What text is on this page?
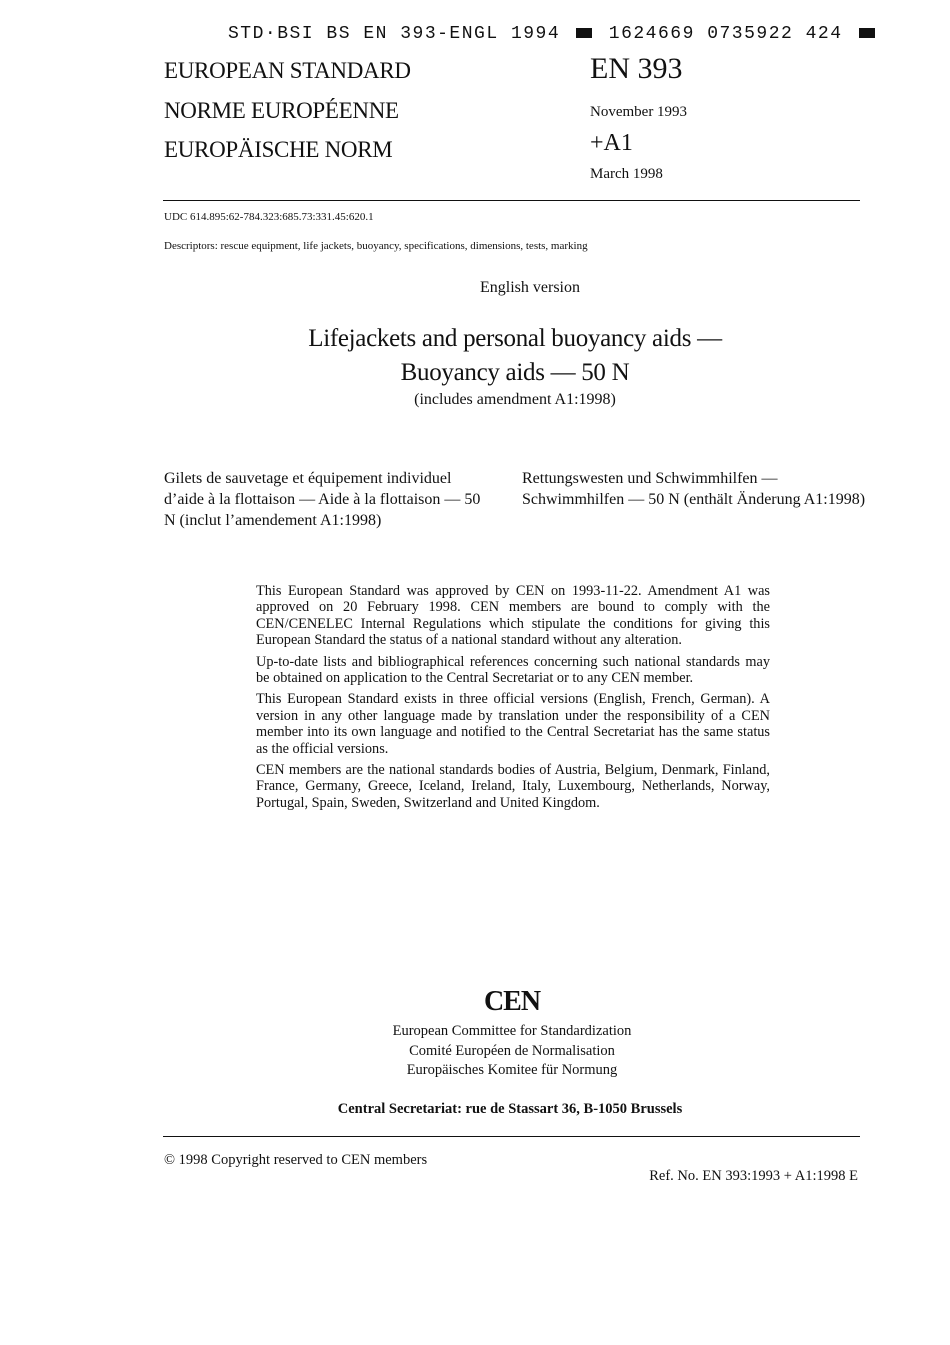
STD·BSI BS EN 393-ENGL 1994	1624669 0735922 424
EUROPEAN STANDARD
NORME EUROPÉENNE
EUROPÄISCHE NORM
EN 393
November 1993
+A1
March 1998
UDC 614.895:62-784.323:685.73:331.45:620.1
Descriptors: rescue equipment, life jackets, buoyancy, specifications, dimensions, tests, marking
English version
Lifejackets and personal buoyancy aids —
Buoyancy aids — 50 N
(includes amendment A1:1998)
Gilets de sauvetage et équipement individuel d’aide à la flottaison — Aide à la flottaison — 50 N (inclut l’amendement A1:1998)
Rettungswesten und Schwimmhilfen — Schwimmhilfen — 50 N (enthält Änderung A1:1998)

This European Standard was approved by CEN on 1993-11-22. Amendment A1 was approved on 20 February 1998. CEN members are bound to comply with the CEN/CENELEC Internal Regulations which stipulate the conditions for giving this European Standard the status of a national standard without any alteration.

Up-to-date lists and bibliographical references concerning such national standards may be obtained on application to the Central Secretariat or to any CEN member.

This European Standard exists in three official versions (English, French, German). A version in any other language made by translation under the responsibility of a CEN member into its own language and notified to the Central Secretariat has the same status as the official versions.

CEN members are the national standards bodies of Austria, Belgium, Denmark, Finland, France, Germany, Greece, Iceland, Ireland, Italy, Luxembourg, Netherlands, Norway, Portugal, Spain, Sweden, Switzerland and United Kingdom.

CEN
European Committee for Standardization
Comité Européen de Normalisation
Europäisches Komitee für Normung
Central Secretariat: rue de Stassart 36, B-1050 Brussels
© 1998 Copyright reserved to CEN members
Ref. No. EN 393:1993 + A1:1998 E
